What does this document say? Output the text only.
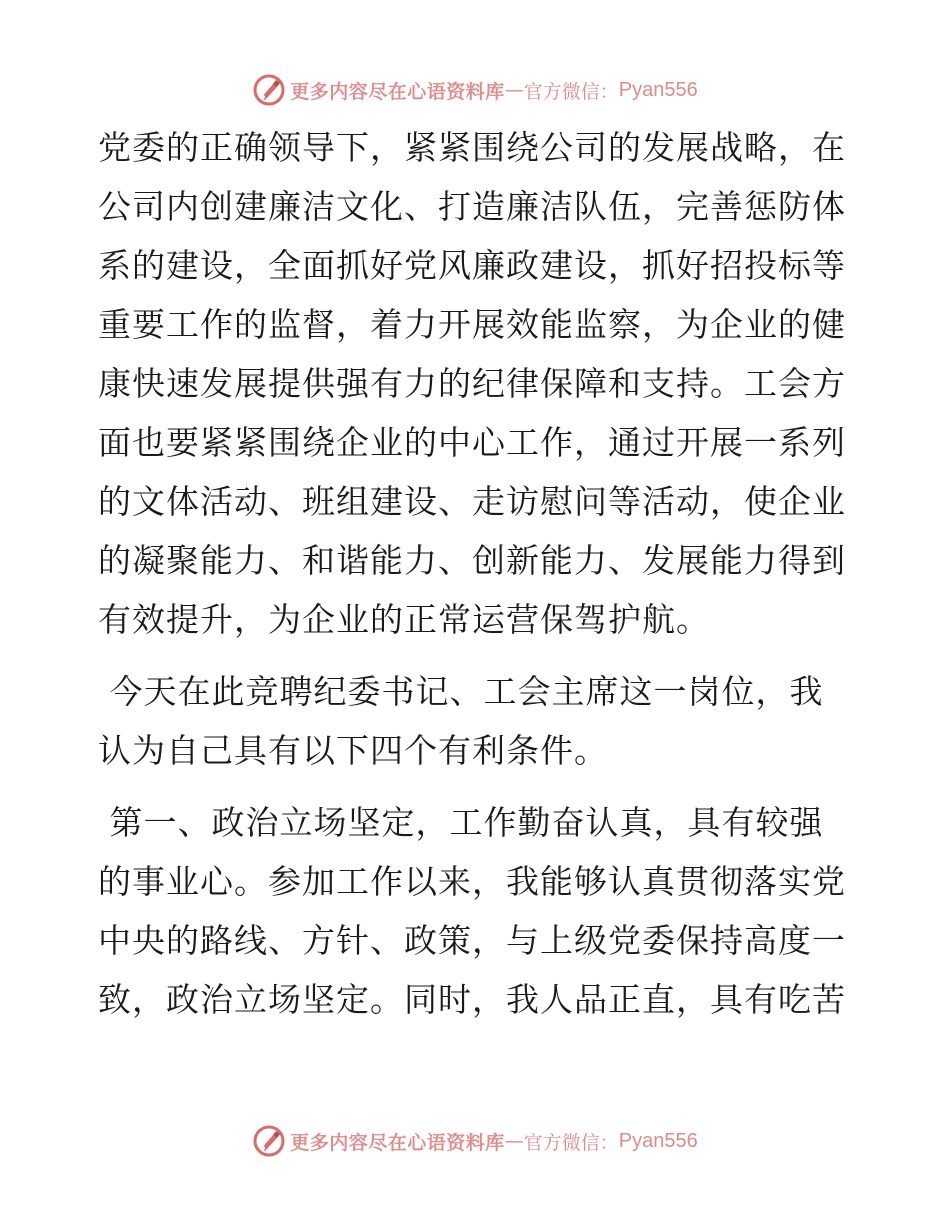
更多内容尽在心语资料库 — 官方微信： Pyan556
党委的正确领导下，紧紧围绕公司的发展战略，在
公司内创建廉洁文化、打造廉洁队伍，完善惩防体
系的建设，全面抓好党风廉政建设，抓好招投标等
重要工作的监督，着力开展效能监察，为企业的健
康快速发展提供强有力的纪律保障和支持。工会方
面也要紧紧围绕企业的中心工作，通过开展一系列
的文体活动、班组建设、走访慰问等活动，使企业
的凝聚能力、和谐能力、创新能力、发展能力得到
有效提升，为企业的正常运营保驾护航。
今天在此竞聘纪委书记、工会主席这一岗位，我
认为自己具有以下四个有利条件。
第一、政治立场坚定，工作勤奋认真，具有较强
的事业心。参加工作以来，我能够认真贯彻落实党
中央的路线、方针、政策，与上级党委保持高度一
致，政治立场坚定。同时，我人品正直，具有吃苦
更多内容尽在心语资料库 — 官方微信： Pyan556
